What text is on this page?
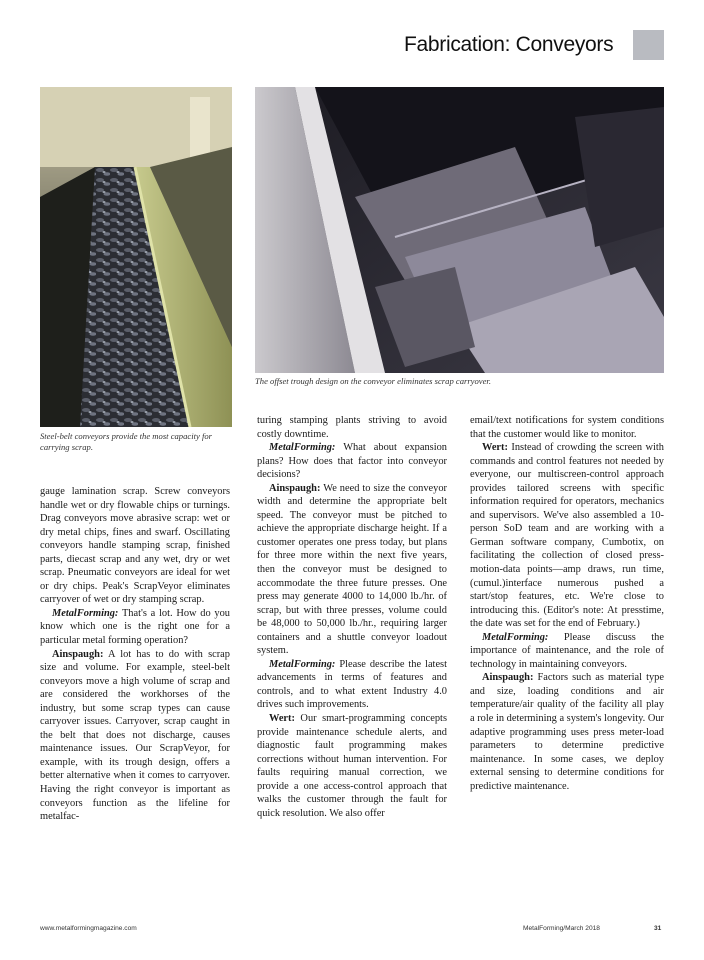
Fabrication: Conveyors
Steel-belt conveyors provide the most capacity for carrying scrap.
The offset trough design on the conveyor eliminates scrap carryover.

gauge lamination scrap. Screw conveyors handle wet or dry flowable chips or turnings. Drag conveyors move abrasive scrap: wet or dry metal chips, fines and swarf. Oscillating conveyors handle stamping scrap, finished parts, diecast scrap and any wet, dry or wet scrap. Pneumatic conveyors are ideal for wet or dry chips. Peak's ScrapVeyor eliminates carryover of wet or dry stamping scrap.

MetalForming: That's a lot. How do you know which one is the right one for a particular metal forming operation?

Ainspaugh: A lot has to do with scrap size and volume. For example, steel-belt conveyors move a high volume of scrap and are considered the workhorses of the industry, but some scrap types can cause carryover issues. Carryover, scrap caught in the belt that does not discharge, causes maintenance issues. Our ScrapVeyor, for example, with its trough design, offers a better alternative when it comes to carryover. Having the right conveyor is important as conveyors function as the lifeline for metalfac-

turing stamping plants striving to avoid costly downtime.

MetalForming: What about expansion plans? How does that factor into conveyor decisions?

Ainspaugh: We need to size the conveyor width and determine the appropriate belt speed. The conveyor must be pitched to achieve the appropriate discharge height. If a customer operates one press today, but plans for three more within the next five years, then the conveyor must be designed to accommodate the three future presses. One press may generate 4000 to 14,000 lb./hr. of scrap, but with three presses, volume could be 48,000 to 50,000 lb./hr., requiring larger containers and a shuttle conveyor loadout system.

MetalForming: Please describe the latest advancements in terms of features and controls, and to what extent Industry 4.0 drives such improvements.

Wert: Our smart-programming concepts provide maintenance schedule alerts, and diagnostic fault programming makes corrections without human intervention. For faults requiring manual correction, we provide a one access-control approach that walks the customer through the fault for quick resolution. We also offer

email/text notifications for system conditions that the customer would like to monitor.

Wert: Instead of crowding the screen with commands and control features not needed by everyone, our multiscreen-control approach provides tailored screens with specific information required for operators, mechanics and supervisors. We've also assembled a 10-person SoD team and are working with a German software company, Cumbotix, on facilitating the collection of closed press-motion-data points—amp draws, run time, (cumul.)interface numerous pushed a start/stop features, etc. We're close to introducing this. (Editor's note: At presstime, the date was set for the end of February.)

MetalForming: Please discuss the importance of maintenance, and the role of technology in maintaining conveyors.

Ainspaugh: Factors such as material type and size, loading conditions and air temperature/air quality of the facility all play a role in determining a system's longevity. Our adaptive programming uses press meter-load parameters to determine predictive maintenance. In some cases, we deploy external sensing to determine conditions for predictive maintenance.

www.metalformingmagazine.com	MetalForming/March 2018	31
